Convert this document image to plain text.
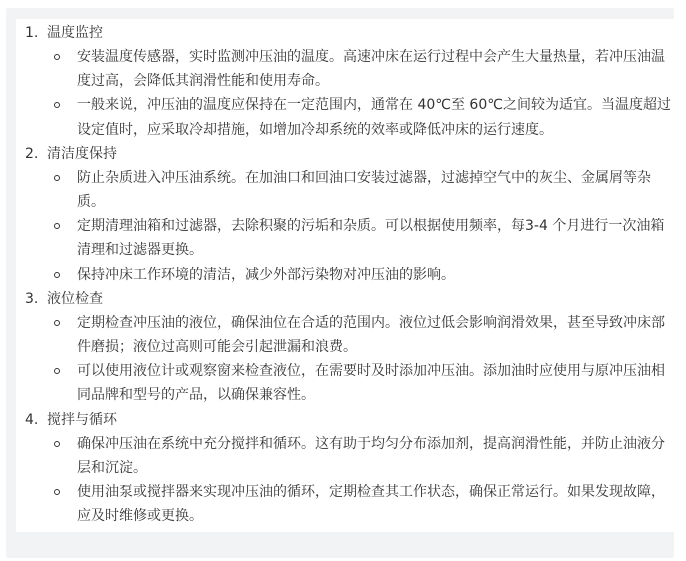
1. 温度监控
安装温度传感器，实时监测冲压油的温度。高速冲床在运行过程中会产生大量热量，若冲压油温度过高，会降低其润滑性能和使用寿命。
一般来说，冲压油的温度应保持在一定范围内，通常在 40℃至 60℃之间较为适宜。当温度超过设定值时，应采取冷却措施，如增加冷却系统的效率或降低冲床的运行速度。
2. 清洁度保持
防止杂质进入冲压油系统。在加油口和回油口安装过滤器，过滤掉空气中的灰尘、金属屑等杂质。
定期清理油箱和过滤器，去除积聚的污垢和杂质。可以根据使用频率，每3-4 个月进行一次油箱清理和过滤器更换。
保持冲床工作环境的清洁，减少外部污染物对冲压油的影响。
3. 液位检查
定期检查冲压油的液位，确保油位在合适的范围内。液位过低会影响润滑效果，甚至导致冲床部件磨损；液位过高则可能会引起泄漏和浪费。
可以使用液位计或观察窗来检查液位，在需要时及时添加冲压油。添加油时应使用与原冲压油相同品牌和型号的产品，以确保兼容性。
4. 搅拌与循环
确保冲压油在系统中充分搅拌和循环。这有助于均匀分布添加剂，提高润滑性能，并防止油液分层和沉淀。
使用油泵或搅拌器来实现冲压油的循环，定期检查其工作状态，确保正常运行。如果发现故障，应及时维修或更换。
